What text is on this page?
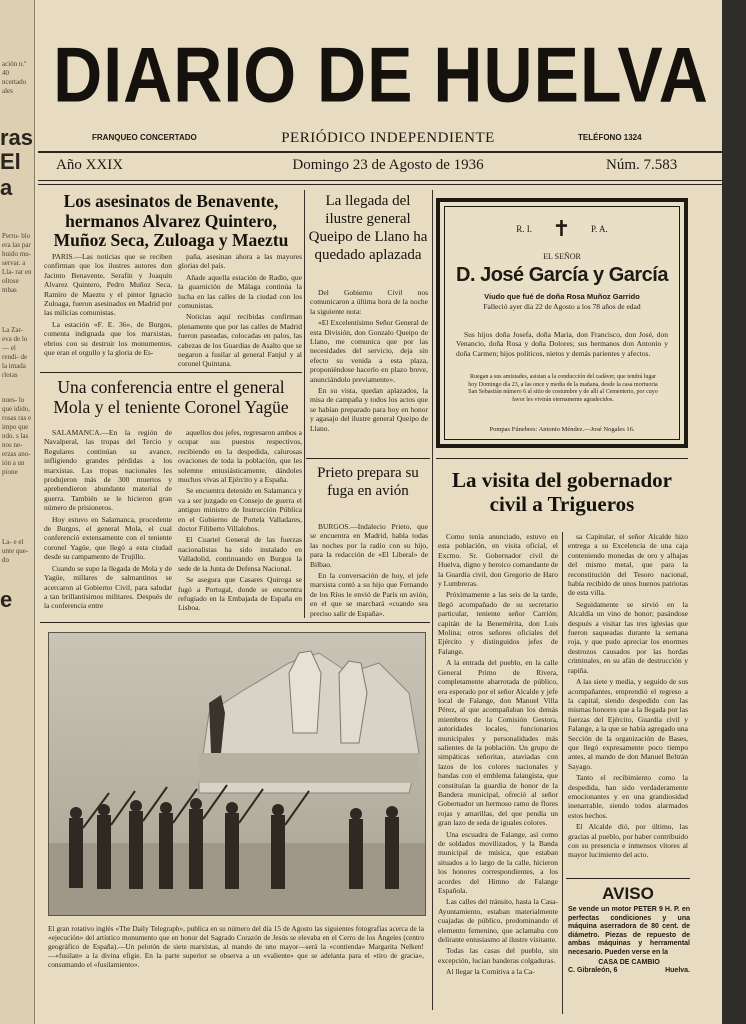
ación n.º 40 ncertado ales
ras
El
a
Perru- blo era las par huido mu- servar. a Lla- rar en oltose mbas
La Zar- eva de lo— el rendi- de la imada rlotas
nues- lo que idido, rosas ras e impo que ndo. s las nos ne- erzas ano- ión a un pione
La- e el unte que- do
e
DIARIO DE HUELVA
FRANQUEO CONCERTADO	PERIÓDICO INDEPENDIENTE	TELÉFONO 1324
Año XXIX	Domingo 23 de Agosto de 1936	Núm. 7.583
Los asesinatos de Benavente, hermanos Alvarez Quintero, Muñoz Seca, Zuloaga y Maeztu

PARIS.—Las noticias que se reciben confirman que los ilustres autores don Jacinto Benavente, Serafín y Joaquín Alvarez Quintero, Pedro Muñoz Seca, Ramiro de Maeztu y el pintor Ignacio Zuloaga, fueron asesinados en Madrid por las milicias comunistas.

La estación «F. E. 36», de Burgos, comenta indignada que los marxistas, ebrios con su destruir los monumentos, que eran el orgullo y la gloria de Es-

paña, asesinan ahora a las mayores glorias del país.

Añade aquella estación de Radio, que la guarnición de Málaga continúa la lucha en las calles de la ciudad con los comunistas.

Noticias aquí recibidas confirman plenamente que por las calles de Madrid fueron paseadas, colocadas en palos, las cabezas de los Guardias de Asalto que se negaron a fusilar al general Fanjul y al coronel Quintana.

Una conferencia entre el general Mola y el teniente Coronel Yagüe

SALAMANCA.—En la región de Navalperal, las tropas del Tercio y Regulares continúan su avance, infligiendo grandes pérdidas a los marxistas. Las tropas nacionales les produjeron más de 300 muertos y aprehendieron abundante material de guerra. También se le hicieron gran número de prisioneros.

Hoy estuvo en Salamanca, procedente de Burgos, el general Mola, el cual conferenció extensamente con el teniente coronel Yagüe, que llegó a esta ciudad desde su campamento de Trujillo.

Cuando se supo la llegada de Mola y de Yagüe, millares de salmantinos se acercaron al Gobierno Civil, para saludar a tan brillantísimos militares. Después de la conferencia entre

aquellos dos jefes, regresaron ambos a ocupar sus puestos respectivos, recibiendo en la despedida, calurosas ovaciones de toda la población, que les solemne entusiásticamente, dándoles muchos vivas al Ejército y a España.

Se encuentra detenido en Salamanca y va a ser juzgado en Consejo de guerra el antiguo ministro de Instrucción Pública en el Gobierno de Portela Valladares, doctor Filiberto Villalobos.

El Cuartel General de las fuerzas nacionalistas ha sido instalado en Valladolid, continuando en Burgos la sede de la Junta de Defensa Nacional.

Se asegura que Casares Quiroga se fugó a Portugal, donde se encuentra refugiado en la Embajada de España en Lisboa.

La llegada del ilustre general Queipo de Llano ha quedado aplazada

Del Gobierno Civil nos comunicaron a última hora de la noche la siguiente nota:

«El Excelentísimo Señor General de esta División, don Gonzalo Queipo de Llano, me comunica que por las necesidades del servicio, deja sin efecto su venida a esta plaza, proponiéndose hacerlo en plazo breve, anunciándolo previamente».

En su vista, quedan aplazados, la misa de campaña y todos los actos que se habían preparado para hoy en honor y agasajo del ilustre general Queipo de Llano.

Prieto prepara su fuga en avión

BURGOS.—Indalecio Prieto, que se encuentra en Madrid, habla todas las noches por la radio con su hijo, para la redacción de «El Liberal» de Bilbao.

En la conversación de hoy, el jefe marxista contó a su hijo que Fernando de los Ríos le envió de París un avión, en el que se marchará «cuando sea preciso salir de España».

R. I. ✝ P. A.
EL SEÑOR
D. José García y García
Viudo que fué de doña Rosa Muñoz Garrido
Falleció ayer día 22 de Agosto a los 78 años de edad

Sus hijos doña Josefa, doña María, don Francisco, don José, don Venancio, doña Rosa y doña Dolores; sus hermanos don Antonio y doña Carmen; hijos políticos, nietos y demás parientes y afectos.

Ruegan a sus amistades, asistan a la conducción del cadáver, que tendrá lugar hoy Domingo día 23, a las once y media de la mañana, desde la casa mortuoria San Sebastián número 6 al sitio de costumbre y de allí al Cementerio, por cuyo favor les vivirán eternamente agradecidos.
Pompas Fúnebres: Antonio Méndez.—José Nogales 16.
La visita del gobernador civil a Trigueros

Como tenía anunciado, estuvo en esta población, en visita oficial, el Excmo. Sr. Gobernador civil de Huelva, digno y heroico comandante de la Guardia civil, don Gregorio de Haro y Lumbreras.

Próximamente a las seis de la tarde, llegó acompañado de su secretario particular, teniente señor Carrión; capitán de la Benemérita, don Luis Molina; otros señores oficiales del Ejército y distinguidos jefes de Falange.

A la entrada del pueblo, en la calle General Primo de Rivera, completamente abarrotada de público, era esperado por el señor Alcalde y jefe local de Falange, don Manuel Villa Pérez, al que acompañaban los demás miembros de la Comisión Gestora, autoridades locales, funcionarios municipales y personalidades más salientes de la población. Un grupo de simpáticas señoritas, ataviadas con lazos de los colores nacionales y bandas con el emblema falangista, que constituían la guardia de honor de la Bandera municipal, ofreció al señor Gobernador un hermoso ramo de flores rojas y amarillas, del que pendía un gran lazo de seda de iguales colores.

Una escuadra de Falange, así como de soldados movilizados, y la Banda municipal de música, que estaban situados a lo largo de la calle, hicieron los honores correspondientes, a los acordes del Himno de Falange Española.

Las calles del tránsito, hasta la Casa-Ayuntamiento, estaban materialmente cuajadas de público, predominando el elemento femenino, que aclamaba con delirante entusiasmo al ilustre visitante.

Todas las casas del pueblo, sin excepción, lucían banderas colgaduras.

Al llegar la Comitiva a la Ca-

sa Capitular, el señor Alcalde hizo entrega a su Excelencia de una caja conteniendo monedas de oro y alhajas del mismo metal, que para la reconstitución del Tesoro nacional, había recibido de unos buenos patriotas de esta villa.

Seguidamente se sirvió en la Alcaldía un vino de honor; pasándose después a visitar las tres iglesias que fueron saqueadas durante la semana roja, y que pudo apreciar los enormes destrozos causados por las hordas criminales, en su afán de destrucción y rapiña.

A las siete y media, y seguido de sus acompañantes, emprendió el regreso a la capital, siendo despedido con las mismas honores que a la llegada por las fuerzas del Ejército, Guardia civil y Falange, a la que se había agregado una Sección de la organización de Bases, que llegó expresamente poco tiempo antes, al mando de don Manuel Beltrán Sayago.

Tanto el recibimiento como la despedida, han sido verdaderamente emocionantes y en una grandiosidad inenarrable, siendo todos alarmados estos hechos.

El Alcalde dió, por último, las gracias al pueblo, por haber contribuido con su presencia e inmensos vítores al mayor lucimiento del acto.

AVISO
Se vende un motor PETER 9 H. P. en perfectas condiciones y una máquina aserradora de 80 cent. de diámetro. Piezas de repuesto de ambas máquinas y herramental necesario. Pueden verse en la
CASA DE CAMBIO
C. Gibraleón, 6	Huelva.
El gran rotativo inglés «The Daily Telegraph», publica en su número del día 15 de Agosto las siguientes fotografías acerca de la «ejecución» del artístico monumento que en honor del Sagrado Corazón de Jesús se elevaba en el Cerro de los Ángeles (centro geográfico de España).—Un pelotón de siete marxistas, al mando de uno mayor—será la «contienda» Margarita Nelken!—«fusilan» a la divina efigie. En la parte superior se observa a un «valiente» que se adelanta para el «tiro de gracia», consumando el «fusilamiento».
